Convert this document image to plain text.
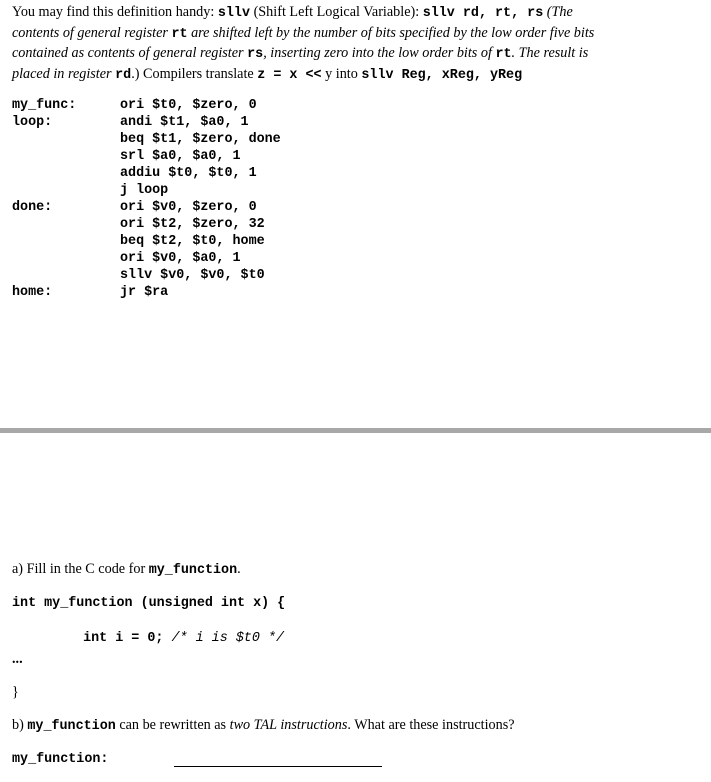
You may find this definition handy: sllv (Shift Left Logical Variable): sllv rd, rt, rs (The
contents of general register rt are shifted left by the number of bits specified by the low order five bits
contained as contents of general register rs, inserting zero into the low order bits of rt. The result is
placed in register rd.) Compilers translate z = x << y into sllv Reg, xReg, yReg
my_func:	ori $t0, $zero, 0
loop:	andi $t1, $a0, 1
beq $t1, $zero, done
srl $a0, $a0, 1
addiu $t0, $t0, 1
j loop
done:	ori $v0, $zero, 0
ori $t2, $zero, 32
beq $t2, $t0, home
ori $v0, $a0, 1
sllv $v0, $v0, $t0
home:	jr $ra
a) Fill in the C code for my_function.
int my_function (unsigned int x) {

int i = 0; /* i is $t0 */

...
}
b) my_function can be rewritten as two TAL instructions. What are these instructions?
my_function:
